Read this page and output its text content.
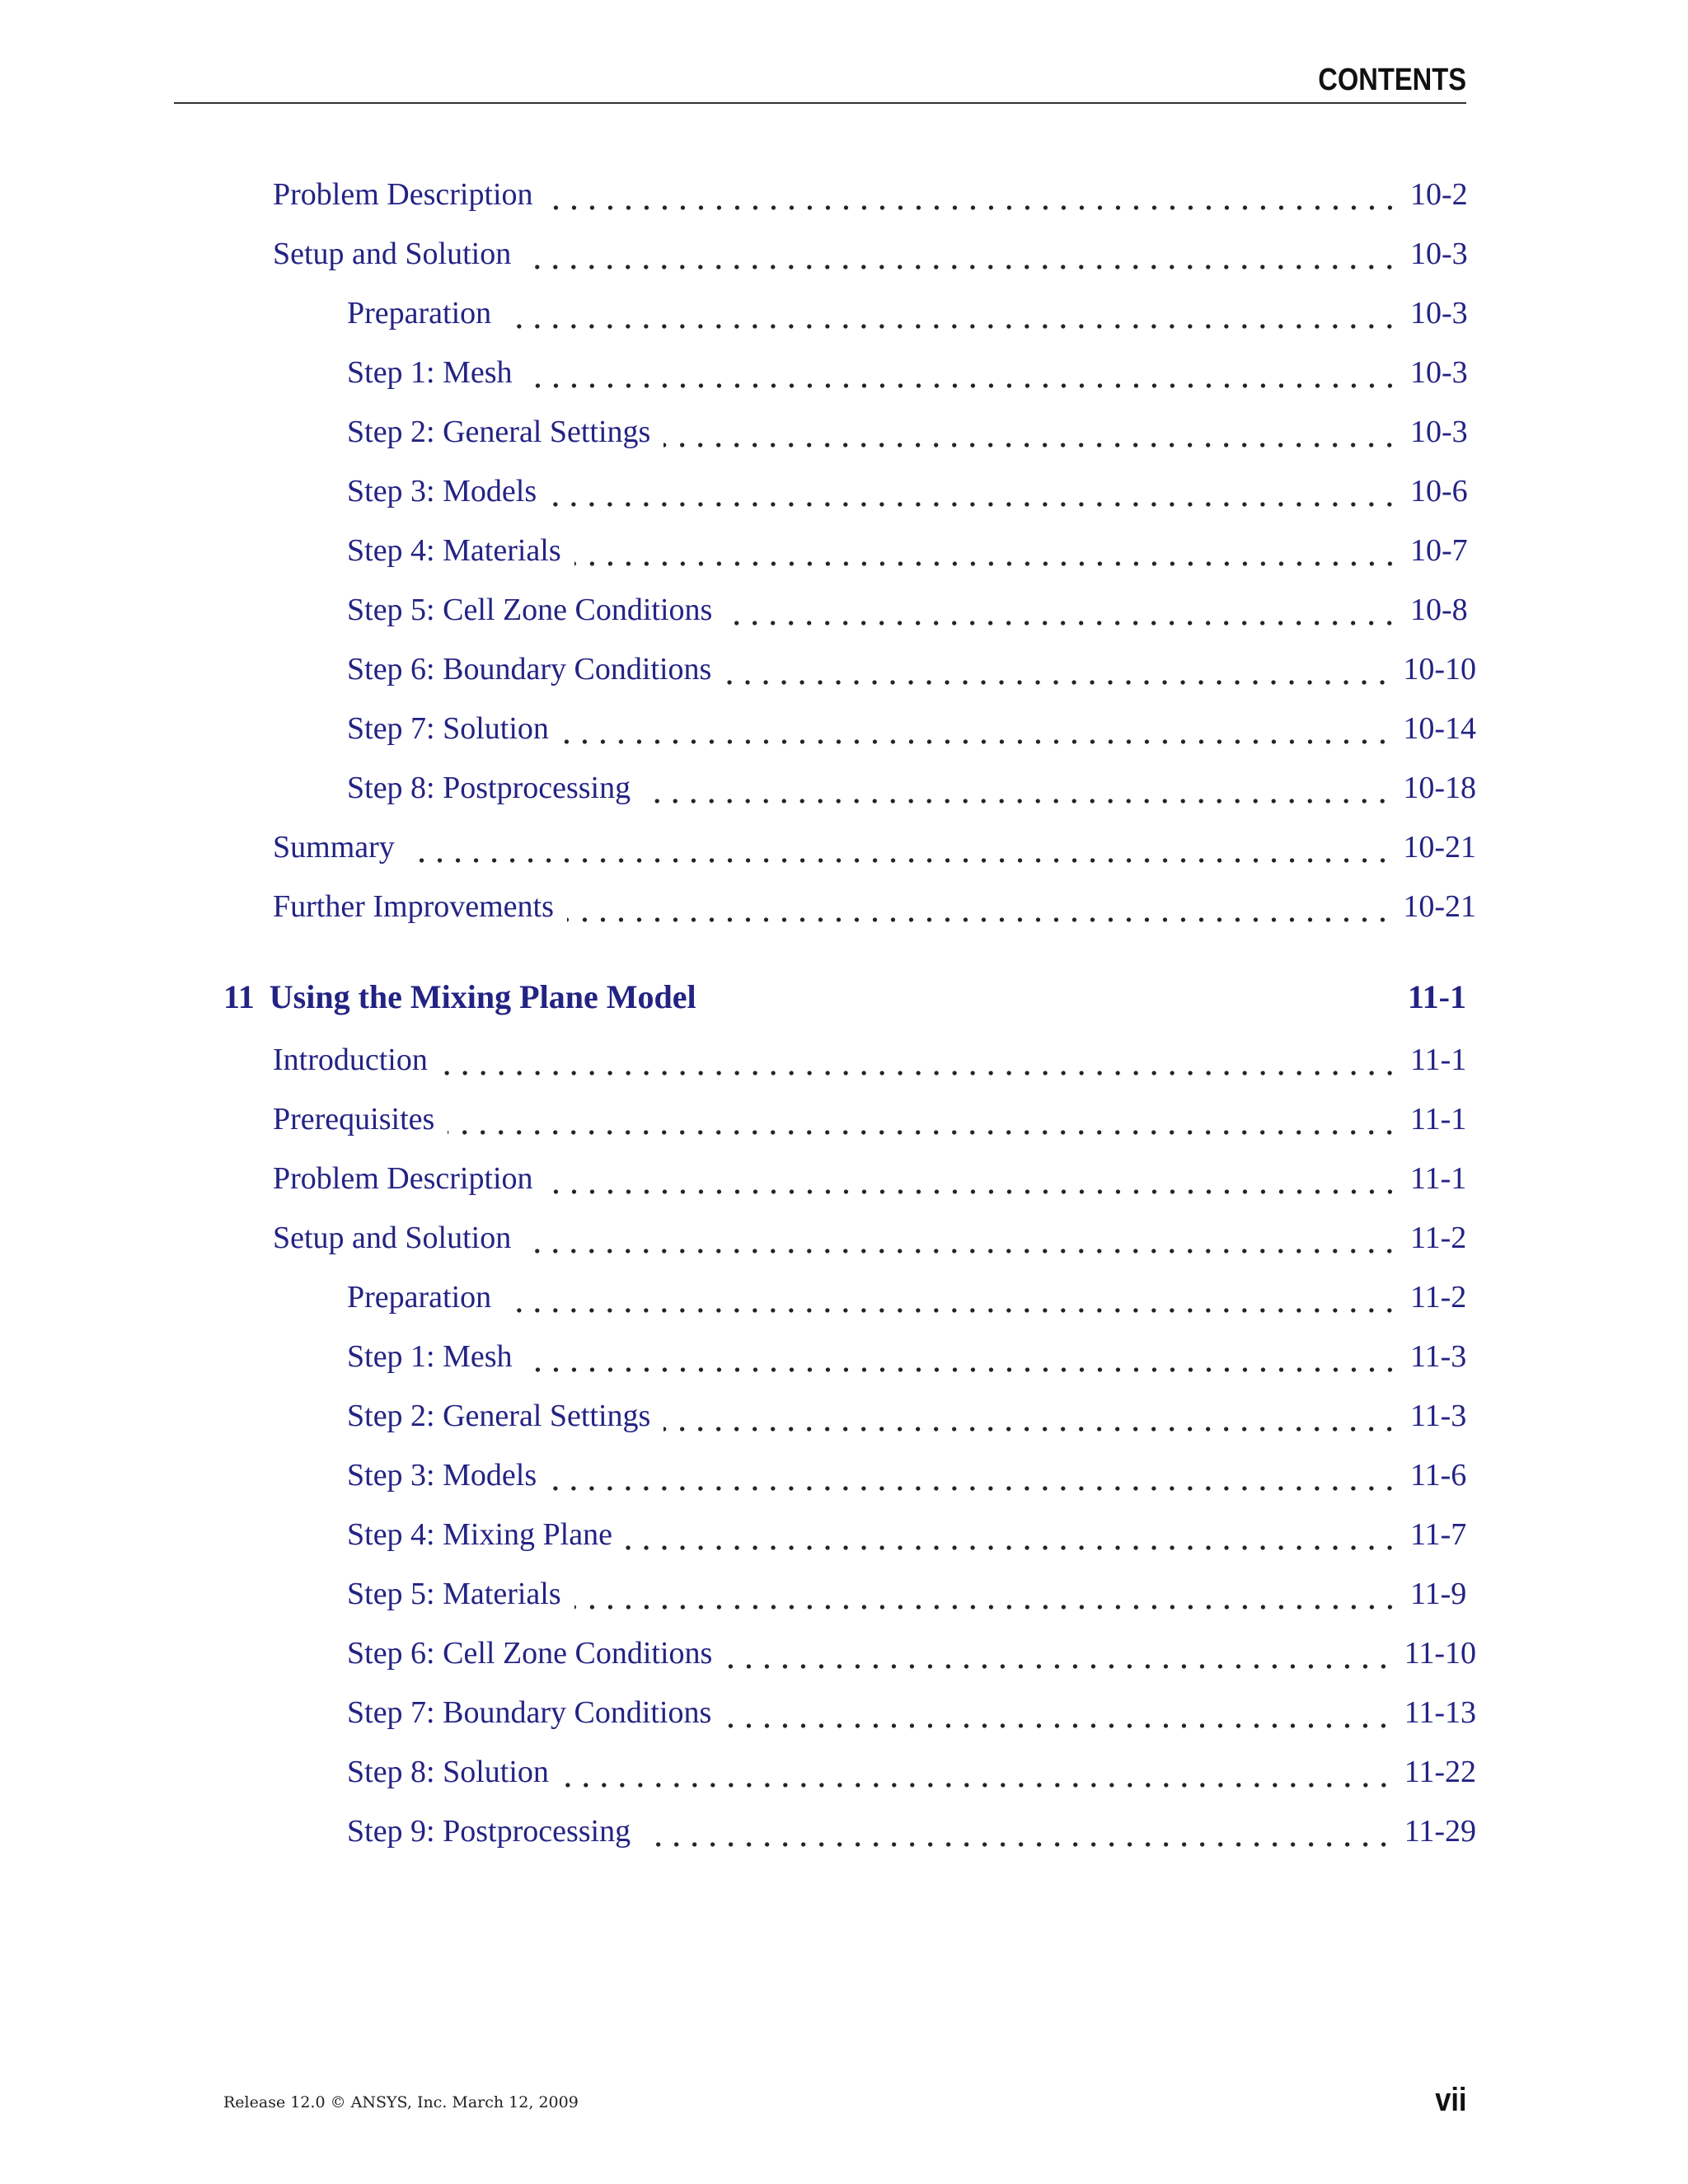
CONTENTS
Problem Description	10-2
Setup and Solution	10-3
Preparation	10-3
Step 1: Mesh	10-3
Step 2: General Settings	10-3
Step 3: Models	10-6
Step 4: Materials	10-7
Step 5: Cell Zone Conditions	10-8
Step 6: Boundary Conditions	10-10
Step 7: Solution	10-14
Step 8: Postprocessing	10-18
Summary	10-21
Further Improvements	10-21
11 Using the Mixing Plane Model	11-1
Introduction	11-1
Prerequisites	11-1
Problem Description	11-1
Setup and Solution	11-2
Preparation	11-2
Step 1: Mesh	11-3
Step 2: General Settings	11-3
Step 3: Models	11-6
Step 4: Mixing Plane	11-7
Step 5: Materials	11-9
Step 6: Cell Zone Conditions	11-10
Step 7: Boundary Conditions	11-13
Step 8: Solution	11-22
Step 9: Postprocessing	11-29
Release 12.0 © ANSYS, Inc. March 12, 2009	vii
